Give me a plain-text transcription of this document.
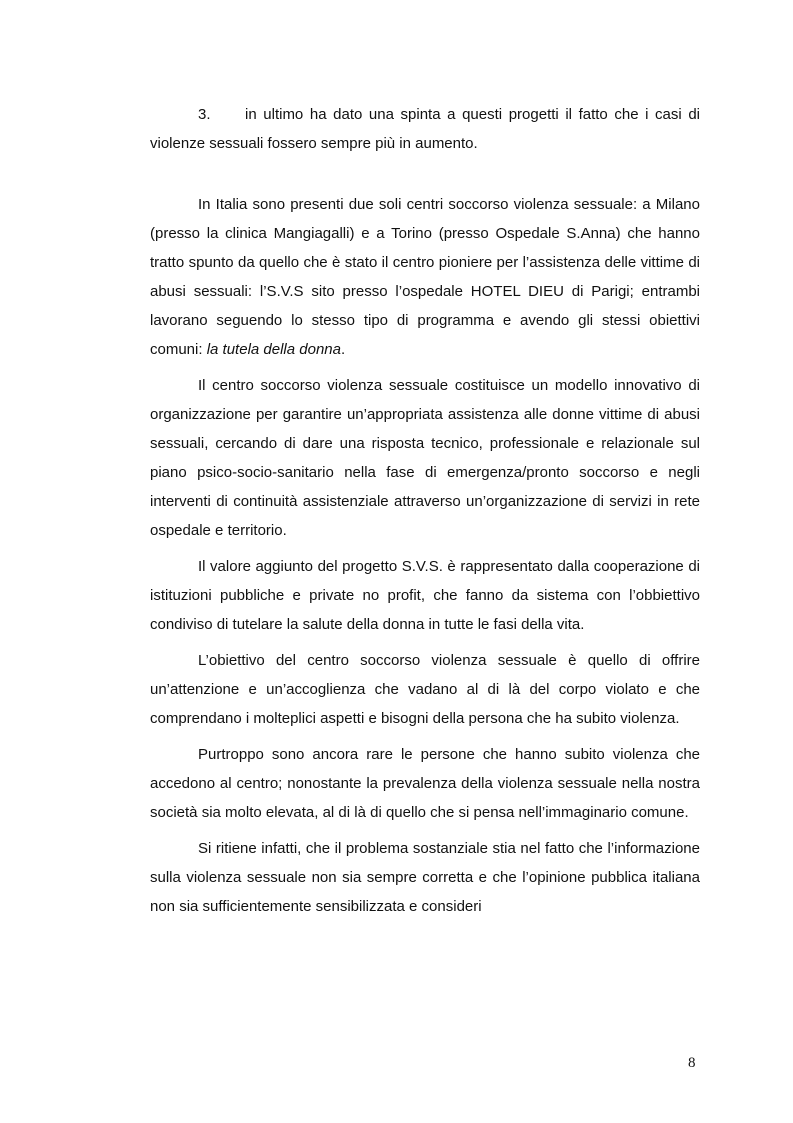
3. in ultimo ha dato una spinta a questi progetti il fatto che i casi di violenze sessuali fossero sempre più in aumento.

In Italia sono presenti due soli centri soccorso violenza sessuale: a Milano (presso la clinica Mangiagalli) e a Torino (presso Ospedale S.Anna) che hanno tratto spunto da quello che è stato il centro pioniere per l’assistenza delle vittime di abusi sessuali: l’S.V.S sito presso l’ospedale HOTEL DIEU di Parigi; entrambi lavorano seguendo lo stesso tipo di programma e avendo gli stessi obiettivi comuni: la tutela della donna.

Il centro soccorso violenza sessuale costituisce un modello innovativo di organizzazione per garantire un’appropriata assistenza alle donne vittime di abusi sessuali, cercando di dare una risposta tecnico, professionale e relazionale sul piano psico-socio-sanitario nella fase di emergenza/pronto soccorso e negli interventi di continuità assistenziale attraverso un’organizzazione di servizi in rete ospedale e territorio.

Il valore aggiunto del progetto S.V.S. è rappresentato dalla cooperazione di istituzioni pubbliche e private no profit, che fanno da sistema con l’obbiettivo condiviso di tutelare la salute della donna in tutte le fasi della vita.

L’obiettivo del centro soccorso violenza sessuale è quello di offrire un’attenzione e un’accoglienza che vadano al di là del corpo violato e che comprendano i molteplici aspetti e bisogni della persona che ha subito violenza.

Purtroppo sono ancora rare le persone che hanno subito violenza che accedono al centro; nonostante la prevalenza della violenza sessuale nella nostra società sia molto elevata, al di là di quello che si pensa nell’immaginario comune.

Si ritiene infatti, che il problema sostanziale stia nel fatto che l’informazione sulla violenza sessuale non sia sempre corretta e che l’opinione pubblica italiana non sia sufficientemente sensibilizzata e consideri

8
